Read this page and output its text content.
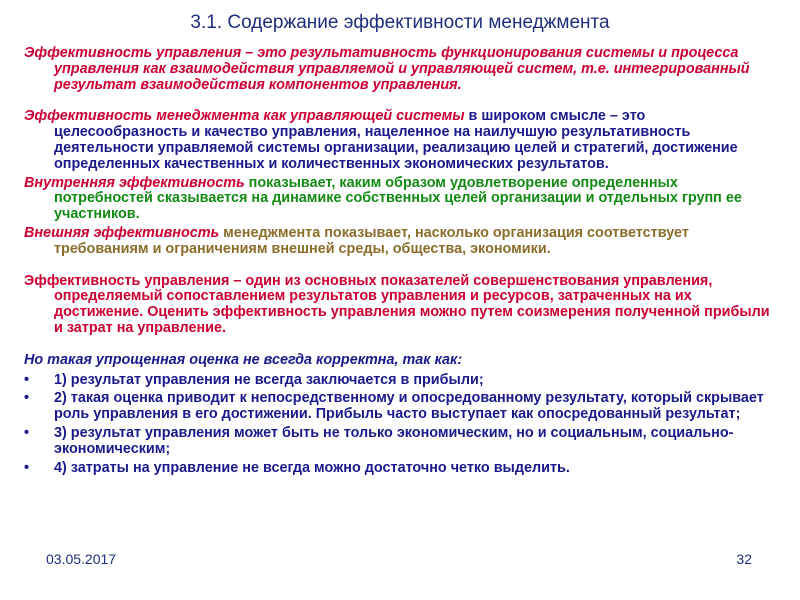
3.1. Содержание эффективности менеджмента
Эффективность управления – это результативность функционирования системы и процесса управления как взаимодействия управляемой и управляющей систем, т.е. интегрированный результат взаимодействия компонентов управления.
Эффективность менеджмента как управляющей системы в широком смысле – это целесообразность и качество управления, нацеленное на наилучшую результативность деятельности управляемой системы организации, реализацию целей и стратегий, достижение определенных качественных и количественных экономических результатов.
Внутренняя эффективность показывает, каким образом удовлетворение определенных потребностей сказывается на динамике собственных целей организации и отдельных групп ее участников.
Внешняя эффективность менеджмента показывает, насколько организация соответствует требованиям и ограничениям внешней среды, общества, экономики.
Эффективность управления – один из основных показателей совершенствования управления, определяемый сопоставлением результатов управления и ресурсов, затраченных на их достижение. Оценить эффективность управления можно путем соизмерения полученной прибыли и затрат на управление.
Но такая упрощенная оценка не всегда корректна, так как:
• 1) результат управления не всегда заключается в прибыли;
• 2) такая оценка приводит к непосредственному и опосредованному результату, который скрывает роль управления в его достижении. Прибыль часто выступает как опосредованный результат;
• 3) результат управления может быть не только экономическим, но и социальным, социально-экономическим;
• 4) затраты на управление не всегда можно достаточно четко выделить.
03.05.2017	32
